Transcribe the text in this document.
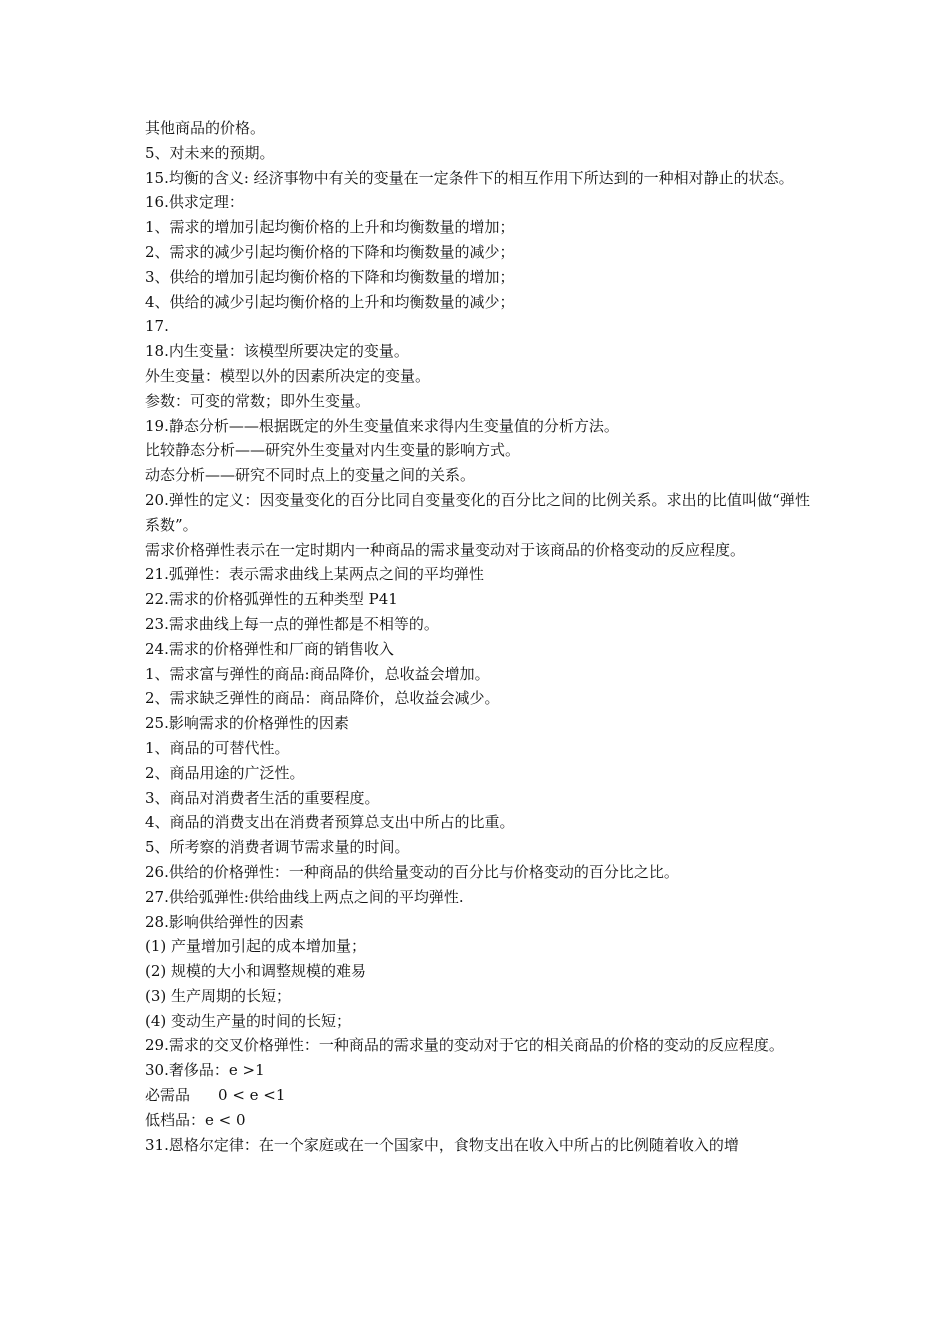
其他商品的价格。
5、对未来的预期。
15.均衡的含义: 经济事物中有关的变量在一定条件下的相互作用下所达到的一种相对静止的状态。
16.供求定理：
1、需求的增加引起均衡价格的上升和均衡数量的增加；
2、需求的减少引起均衡价格的下降和均衡数量的减少；
3、供给的增加引起均衡价格的下降和均衡数量的增加；
4、供给的减少引起均衡价格的上升和均衡数量的减少；
17.
18.内生变量：该模型所要决定的变量。
外生变量：模型以外的因素所决定的变量。
参数：可变的常数；即外生变量。
19.静态分析——根据既定的外生变量值来求得内生变量值的分析方法。
比较静态分析——研究外生变量对内生变量的影响方式。
动态分析——研究不同时点上的变量之间的关系。
20.弹性的定义：因变量变化的百分比同自变量变化的百分比之间的比例关系。求出的比值叫做“弹性系数”。
需求价格弹性表示在一定时期内一种商品的需求量变动对于该商品的价格变动的反应程度。
21.弧弹性：表示需求曲线上某两点之间的平均弹性
22.需求的价格弧弹性的五种类型 P41
23.需求曲线上每一点的弹性都是不相等的。
24.需求的价格弹性和厂商的销售收入
1、需求富与弹性的商品:商品降价，总收益会增加。
2、需求缺乏弹性的商品：商品降价，总收益会减少。
25.影响需求的价格弹性的因素
1、商品的可替代性。
2、商品用途的广泛性。
3、商品对消费者生活的重要程度。
4、商品的消费支出在消费者预算总支出中所占的比重。
5、所考察的消费者调节需求量的时间。
26.供给的价格弹性：一种商品的供给量变动的百分比与价格变动的百分比之比。
27.供给弧弹性:供给曲线上两点之间的平均弹性.
28.影响供给弹性的因素
(1) 产量增加引起的成本增加量；
(2) 规模的大小和调整规模的难易
(3) 生产周期的长短；
(4) 变动生产量的时间的长短；
29.需求的交叉价格弹性：一种商品的需求量的变动对于它的相关商品的价格的变动的反应程度。
30.奢侈品：e >1
必需品 0 < e <1
低档品：e < 0
31.恩格尔定律：在一个家庭或在一个国家中，食物支出在收入中所占的比例随着收入的增
